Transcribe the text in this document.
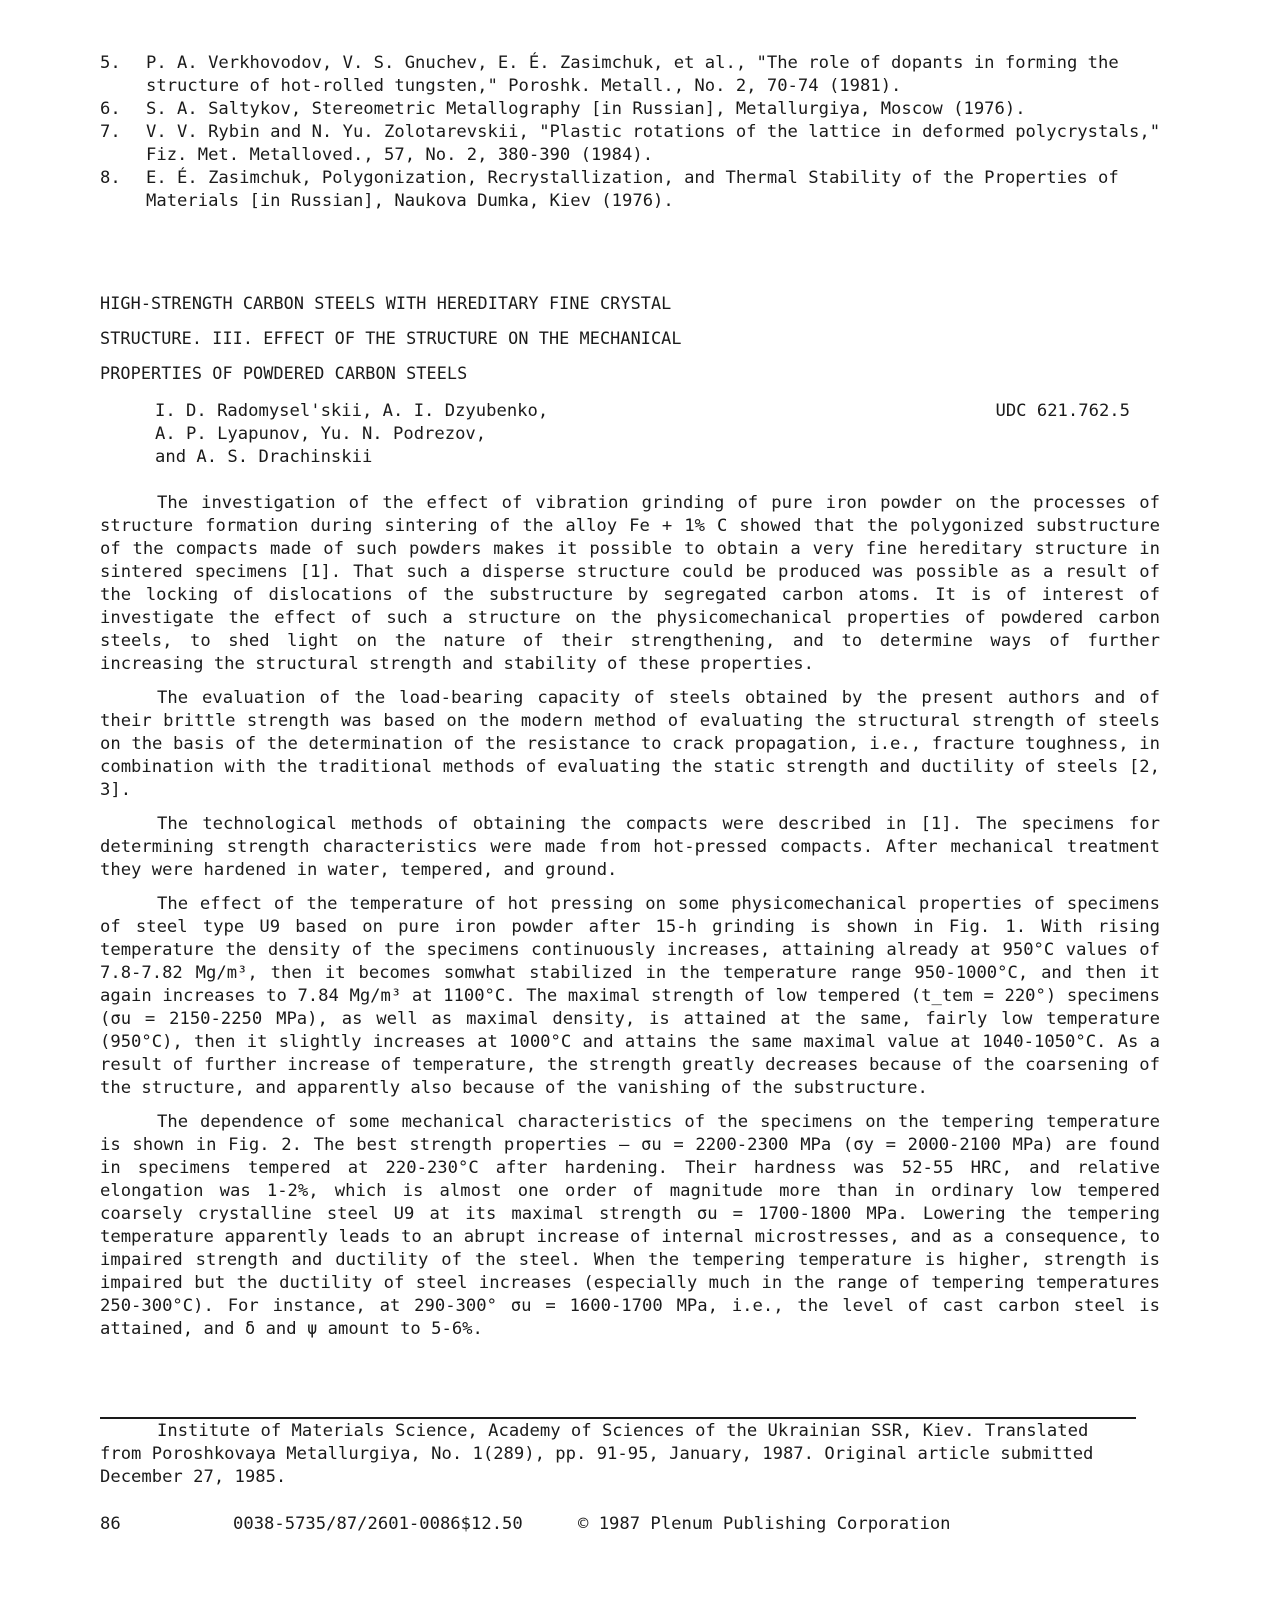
5. P. A. Verkhovodov, V. S. Gnuchev, E. É. Zasimchuk, et al., "The role of dopants in forming the structure of hot-rolled tungsten," Poroshk. Metall., No. 2, 70-74 (1981).
6. S. A. Saltykov, Stereometric Metallography [in Russian], Metallurgiya, Moscow (1976).
7. V. V. Rybin and N. Yu. Zolotarevskii, "Plastic rotations of the lattice in deformed polycrystals," Fiz. Met. Metalloved., 57, No. 2, 380-390 (1984).
8. E. É. Zasimchuk, Polygonization, Recrystallization, and Thermal Stability of the Properties of Materials [in Russian], Naukova Dumka, Kiev (1976).
HIGH-STRENGTH CARBON STEELS WITH HEREDITARY FINE CRYSTAL
STRUCTURE. III. EFFECT OF THE STRUCTURE ON THE MECHANICAL
PROPERTIES OF POWDERED CARBON STEELS
I. D. Radomysel'skii, A. I. Dzyubenko,
A. P. Lyapunov, Yu. N. Podrezov,
and A. S. Drachinskii
UDC 621.762.5

The investigation of the effect of vibration grinding of pure iron powder on the processes of structure formation during sintering of the alloy Fe + 1% C showed that the polygonized substructure of the compacts made of such powders makes it possible to obtain a very fine hereditary structure in sintered specimens [1]. That such a disperse structure could be produced was possible as a result of the locking of dislocations of the substructure by segregated carbon atoms. It is of interest of investigate the effect of such a structure on the physicomechanical properties of powdered carbon steels, to shed light on the nature of their strengthening, and to determine ways of further increasing the structural strength and stability of these properties.

The evaluation of the load-bearing capacity of steels obtained by the present authors and of their brittle strength was based on the modern method of evaluating the structural strength of steels on the basis of the determination of the resistance to crack propagation, i.e., fracture toughness, in combination with the traditional methods of evaluating the static strength and ductility of steels [2, 3].

The technological methods of obtaining the compacts were described in [1]. The specimens for determining strength characteristics were made from hot-pressed compacts. After mechanical treatment they were hardened in water, tempered, and ground.

The effect of the temperature of hot pressing on some physicomechanical properties of specimens of steel type U9 based on pure iron powder after 15-h grinding is shown in Fig. 1. With rising temperature the density of the specimens continuously increases, attaining already at 950°C values of 7.8-7.82 Mg/m³, then it becomes somwhat stabilized in the temperature range 950-1000°C, and then it again increases to 7.84 Mg/m³ at 1100°C. The maximal strength of low tempered (t_tem = 220°) specimens (σu = 2150-2250 MPa), as well as maximal density, is attained at the same, fairly low temperature (950°C), then it slightly increases at 1000°C and attains the same maximal value at 1040-1050°C. As a result of further increase of temperature, the strength greatly decreases because of the coarsening of the structure, and apparently also because of the vanishing of the substructure.

The dependence of some mechanical characteristics of the specimens on the tempering temperature is shown in Fig. 2. The best strength properties — σu = 2200-2300 MPa (σy = 2000-2100 MPa) are found in specimens tempered at 220-230°C after hardening. Their hardness was 52-55 HRC, and relative elongation was 1-2%, which is almost one order of magnitude more than in ordinary low tempered coarsely crystalline steel U9 at its maximal strength σu = 1700-1800 MPa. Lowering the tempering temperature apparently leads to an abrupt increase of internal microstresses, and as a consequence, to impaired strength and ductility of the steel. When the tempering temperature is higher, strength is impaired but the ductility of steel increases (especially much in the range of tempering temperatures 250-300°C). For instance, at 290-300° σu = 1600-1700 MPa, i.e., the level of cast carbon steel is attained, and δ and ψ amount to 5-6%.

Institute of Materials Science, Academy of Sciences of the Ukrainian SSR, Kiev. Translated from Poroshkovaya Metallurgiya, No. 1(289), pp. 91-95, January, 1987. Original article submitted December 27, 1985.
86	0038-5735/87/2601-0086$12.50	© 1987 Plenum Publishing Corporation
